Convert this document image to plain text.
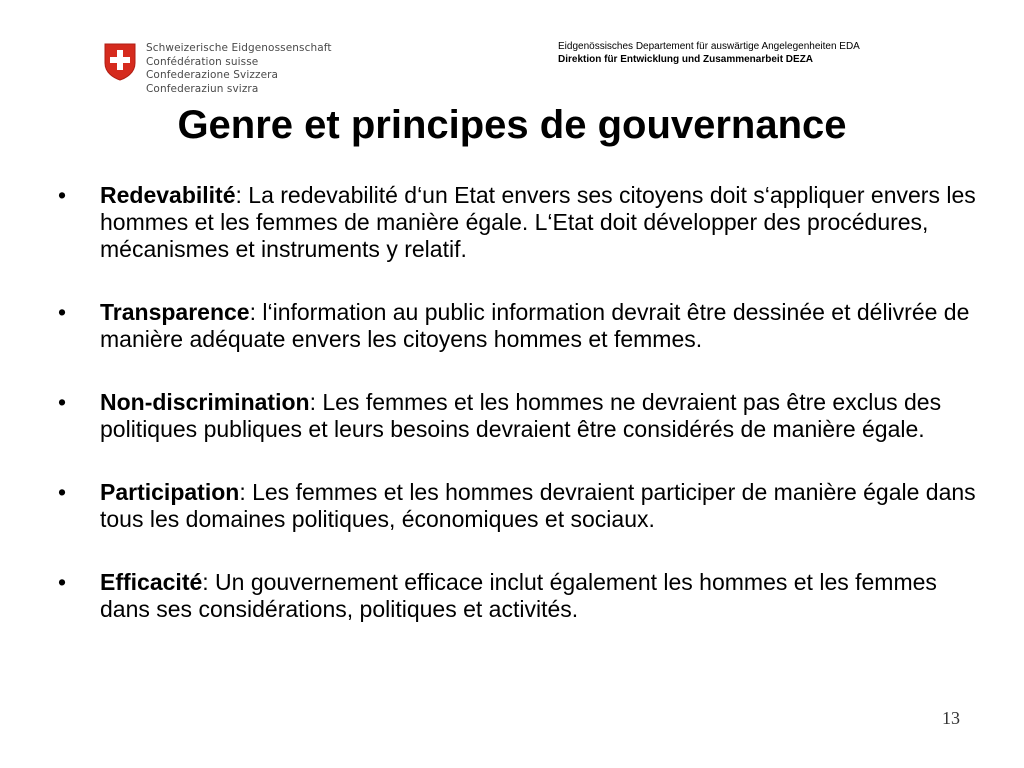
Schweizerische Eidgenossenschaft
Confédération suisse
Confederazione Svizzera
Confederaziun svizra
Eidgenössisches Departement für auswärtige Angelegenheiten EDA
Direktion für Entwicklung und Zusammenarbeit DEZA
Genre et principes de gouvernance
•	Redevabilité: La redevabilité d‘un Etat envers ses citoyens doit s‘appliquer envers les hommes et les femmes de manière égale. L‘Etat doit développer des procédures, mécanismes et instruments y relatif.
•	Transparence: l‘information au public information devrait être dessinée et délivrée de manière adéquate envers les citoyens hommes et femmes.
•	Non-discrimination: Les femmes et les hommes ne devraient pas être exclus des politiques publiques et leurs besoins devraient être considérés de manière égale.
•	Participation: Les femmes et les hommes devraient participer de manière égale dans tous les domaines politiques, économiques et sociaux.
•	Efficacité: Un gouvernement efficace inclut également les hommes et les femmes dans ses considérations, politiques et activités.
13
